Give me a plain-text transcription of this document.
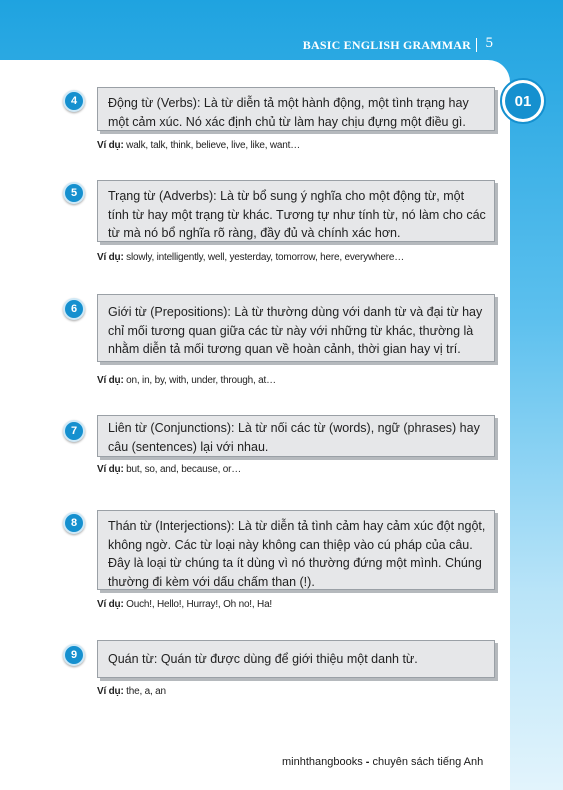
BASIC ENGLISH GRAMMAR 5
01
4	Động từ (Verbs): Là từ diễn tả một hành động, một tình trạng hay một cảm xúc. Nó xác định chủ từ làm hay chịu đựng một điều gì.
Ví dụ: walk, talk, think, believe, live, like, want…
5	Trạng từ (Adverbs): Là từ bổ sung ý nghĩa cho một động từ, một tính từ hay một trạng từ khác. Tương tự như tính từ, nó làm cho các từ mà nó bổ nghĩa rõ ràng, đầy đủ và chính xác hơn.
Ví dụ: slowly, intelligently, well, yesterday, tomorrow, here, everywhere…
6	Giới từ (Prepositions): Là từ thường dùng với danh từ và đại từ hay chỉ mối tương quan giữa các từ này với những từ khác, thường là nhằm diễn tả mối tương quan về hoàn cảnh, thời gian hay vị trí.
Ví dụ: on, in, by, with, under, through, at…
7	Liên từ (Conjunctions): Là từ nối các từ (words), ngữ (phrases) hay câu (sentences) lại với nhau.
Ví dụ: but, so, and, because, or…
8	Thán từ (Interjections): Là từ diễn tả tình cảm hay cảm xúc đột ngột, không ngờ. Các từ loại này không can thiệp vào cú pháp của câu. Đây là loại từ chúng ta ít dùng vì nó thường đứng một mình. Chúng thường đi kèm với dấu chấm than (!).
Ví dụ: Ouch!, Hello!, Hurray!, Oh no!, Ha!
9	Quán từ: Quán từ được dùng để giới thiệu một danh từ.
Ví dụ: the, a, an
minhthangbooks - chuyên sách tiếng Anh
